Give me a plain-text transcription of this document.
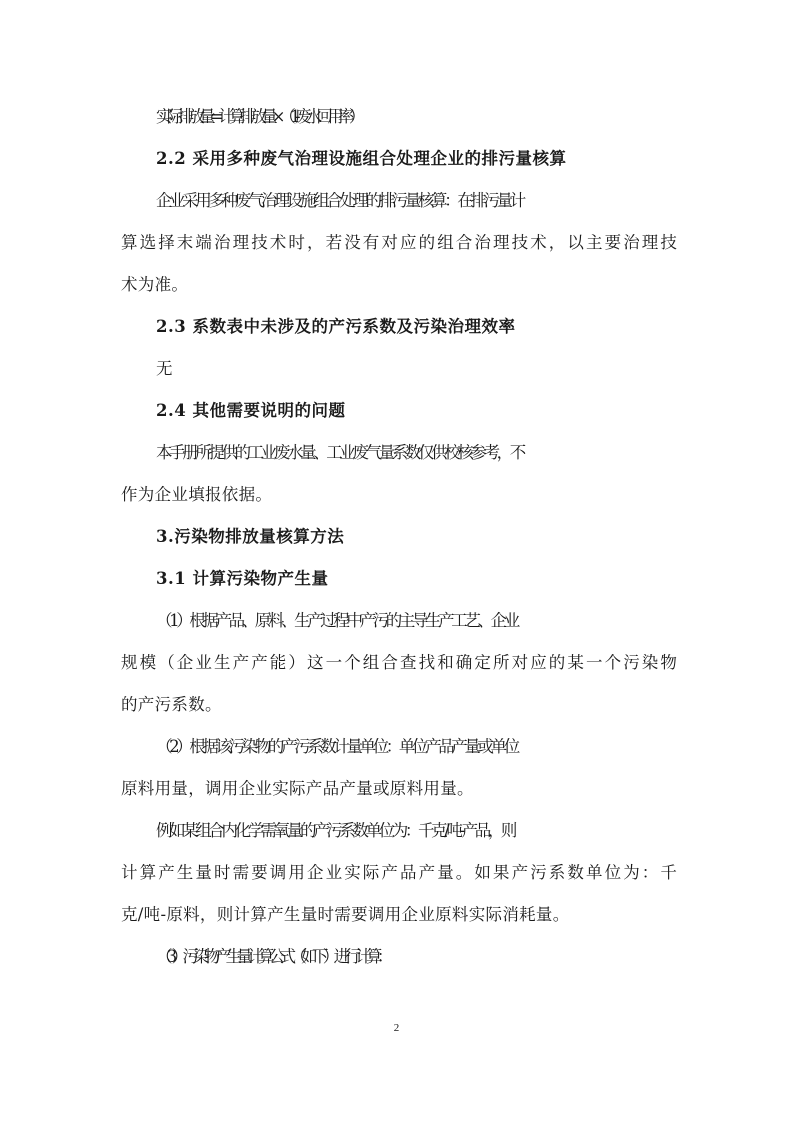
实际排放量=计算排放量 × （1-废水回用率）
2.2 采用多种废气治理设施组合处理企业的排污量核算
企业采用多种废气治理设施组合处理的排污量核算：在排污量计
算选择末端治理技术时，若没有对应的组合治理技术，以主要治理技
术为准。
2.3 系数表中未涉及的产污系数及污染治理效率
无
2.4 其他需要说明的问题
本手册所提供的工业废水量、工业废气量系数仅供校核参考，不
作为企业填报依据。
3.污染物排放量核算方法
3.1 计算污染物产生量
（1）根据产品、原料、生产过程中产污的主导生产工艺、企业
规模（企业生产产能）这一个组合查找和确定所对应的某一个污染物
的产污系数。
（2）根据该污染物的产污系数计量单位：单位产品产量或单位
原料用量，调用企业实际产品产量或原料用量。
例如某组合内化学需氧量的产污系数单位为：千克/吨-产品，则
计算产生量时需要调用企业实际产品产量。如果产污系数单位为：千
克/吨-原料，则计算产生量时需要调用企业原料实际消耗量。
（3）污染物产生量计算公式（如下）进行计算：
2
